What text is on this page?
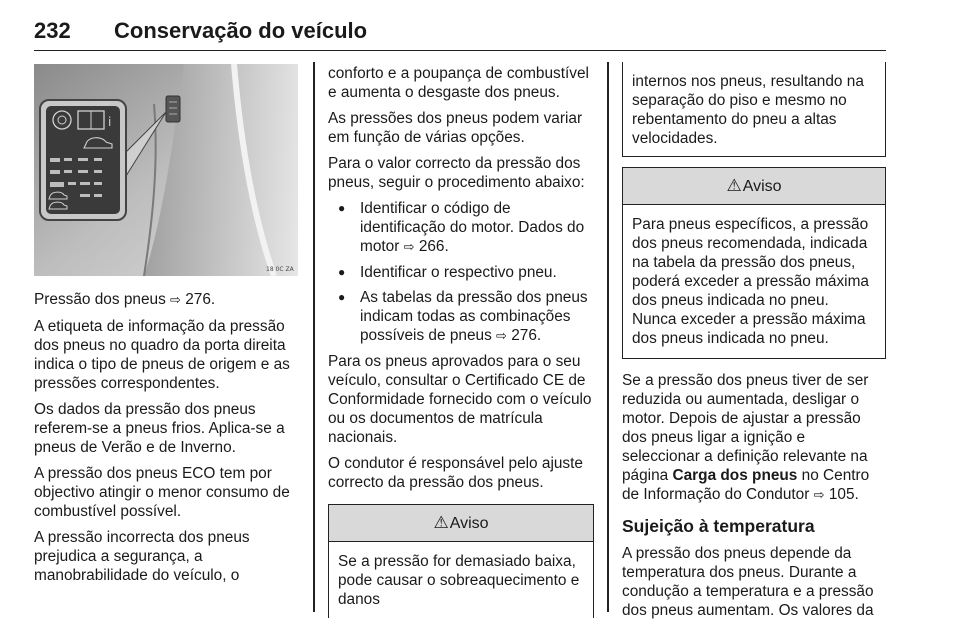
232 Conservação do veículo
i
18 0C ZA

Pressão dos pneus ⇨ 276.

A etiqueta de informação da pressão dos pneus no quadro da porta direita indica o tipo de pneus de origem e as pressões correspondentes.

Os dados da pressão dos pneus referem-se a pneus frios. Aplica-se a pneus de Verão e de Inverno.

A pressão dos pneus ECO tem por objectivo atingir o menor consumo de combustível possível.

A pressão incorrecta dos pneus prejudica a segurança, a manobrabilidade do veículo, o

conforto e a poupança de combustível e aumenta o desgaste dos pneus.

As pressões dos pneus podem variar em função de várias opções.

Para o valor correcto da pressão dos pneus, seguir o procedimento abaixo:

● Identificar o código de identificação do motor. Dados do motor ⇨ 266.
● Identificar o respectivo pneu.
● As tabelas da pressão dos pneus indicam todas as combinações possíveis de pneus ⇨ 276.

Para os pneus aprovados para o seu veículo, consultar o Certificado CE de Conformidade fornecido com o veículo ou os documentos de matrícula nacionais.

O condutor é responsável pelo ajuste correcto da pressão dos pneus.

⚠Aviso
Se a pressão for demasiado baixa, pode causar o sobreaquecimento e danos
internos nos pneus, resultando na separação do piso e mesmo no rebentamento do pneu a altas velocidades.
⚠Aviso
Para pneus específicos, a pressão dos pneus recomendada, indicada na tabela da pressão dos pneus, poderá exceder a pressão máxima dos pneus indicada no pneu. Nunca exceder a pressão máxima dos pneus indicada no pneu.

Se a pressão dos pneus tiver de ser reduzida ou aumentada, desligar o motor. Depois de ajustar a pressão dos pneus ligar a ignição e seleccionar a definição relevante na página Carga dos pneus no Centro de Informação do Condutor ⇨ 105.

Sujeição à temperatura

A pressão dos pneus depende da temperatura dos pneus. Durante a condução a temperatura e a pressão dos pneus aumentam. Os valores da
